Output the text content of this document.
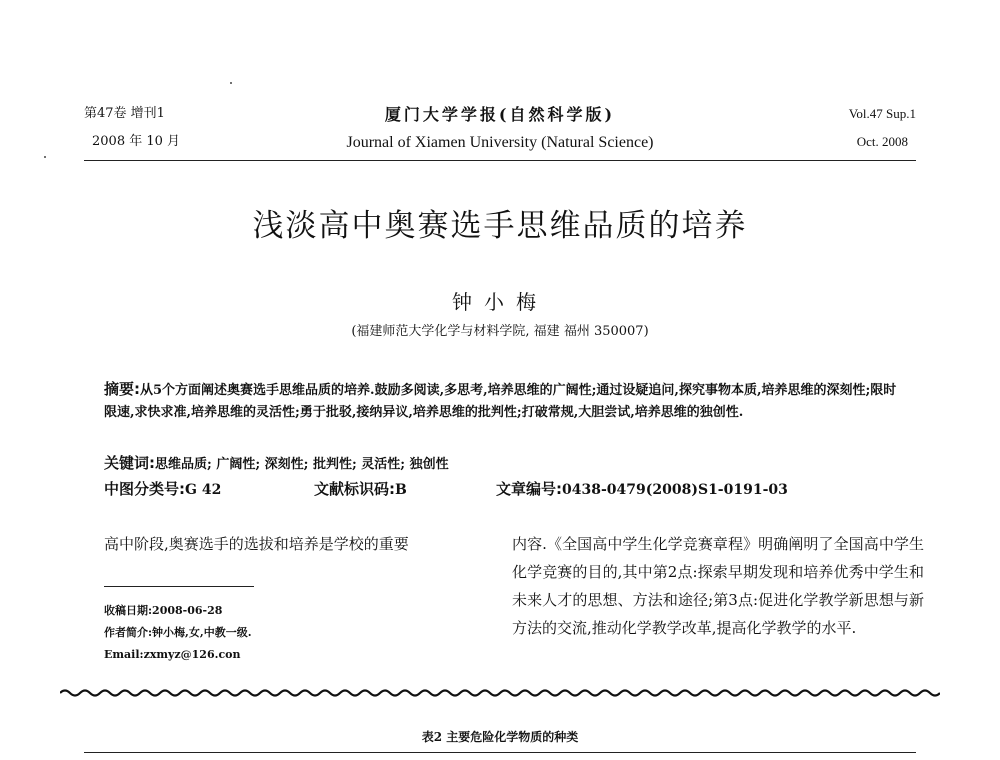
第47卷 增刊1
2008 年 10 月
厦门大学学报(自然科学版)
Journal of Xiamen University (Natural Science)
Vol.47 Sup.1
Oct. 2008
浅淡高中奥赛选手思维品质的培养
钟小梅
(福建师范大学化学与材料学院, 福建 福州 350007)
摘要:从5个方面阐述奥赛选手思维品质的培养.鼓励多阅读,多思考,培养思维的广阔性;通过设疑追问,探究事物本质,培养思维的深刻性;限时限速,求快求准,培养思维的灵活性;勇于批驳,接纳异议,培养思维的批判性;打破常规,大胆尝试,培养思维的独创性.
关键词:思维品质; 广阔性; 深刻性; 批判性; 灵活性; 独创性
中图分类号:G 42	文献标识码:B	文章编号:0438-0479(2008)S1-0191-03
高中阶段,奥赛选手的选拔和培养是学校的重要
收稿日期:2008-06-28
作者简介:钟小梅,女,中教一级.
Email:zxmyz@126.con
内容.《全国高中学生化学竞赛章程》明确阐明了全国高中学生化学竞赛的目的,其中第2点:探索早期发现和培养优秀中学生和未来人才的思想、方法和途径;第3点:促进化学教学新思想与新方法的交流,推动化学教学改革,提高化学教学的水平.
表2 主要危险化学物质的种类
